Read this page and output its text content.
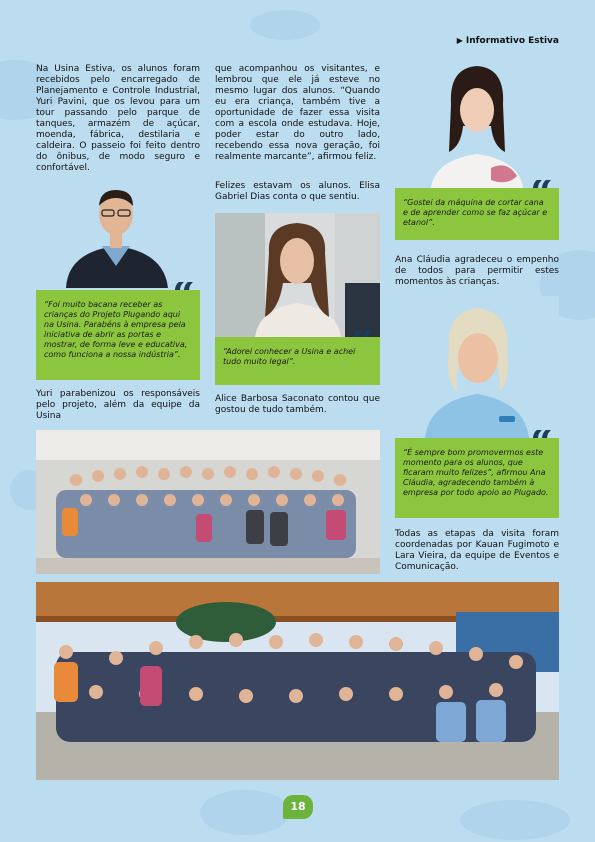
▶ Informativo Estiva
Na Usina Estiva, os alunos foram recebidos pelo encarregado de Planejamento e Controle Industrial, Yuri Pavini, que os levou para um tour passando pelo parque de tanques, armazém de açúcar, moenda, fábrica, destilaria e caldeira. O passeio foi feito dentro do ônibus, de modo seguro e confortável.
“Foi muito bacana receber as crianças do Projeto Plugando aqui na Usina. Parabéns à empresa pela iniciativa de abrir as portas e mostrar, de forma leve e educativa, como funciona a nossa indústria”.
Yuri parabenizou os responsáveis pelo projeto, além da equipe da Usina
que acompanhou os visitantes, e lembrou que ele já esteve no mesmo lugar dos alunos. “Quando eu era criança, também tive a oportunidade de fazer essa visita com a escola onde estudava. Hoje, poder estar do outro lado, recebendo essa nova geração, foi realmente marcante”, afirmou feliz.
Felizes estavam os alunos. Elisa Gabriel Dias conta o que sentiu.
“Adorei conhecer a Usina e achei tudo muito legal”.
Alice Barbosa Saconato contou que gostou de tudo também.
“Gostei da máquina de cortar cana e de aprender como se faz açúcar e etanol”.
Ana Cláudia agradeceu o empenho de todos para permitir estes momentos às crianças.
“É sempre bom promovermos este momento para os alunos, que ficaram muito felizes”, afirmou Ana Cláudia, agradecendo também à empresa por todo apoio ao Plugado.
Todas as etapas da visita foram coordenadas por Kauan Fugimoto e Lara Vieira, da equipe de Eventos e Comunicação.
18
